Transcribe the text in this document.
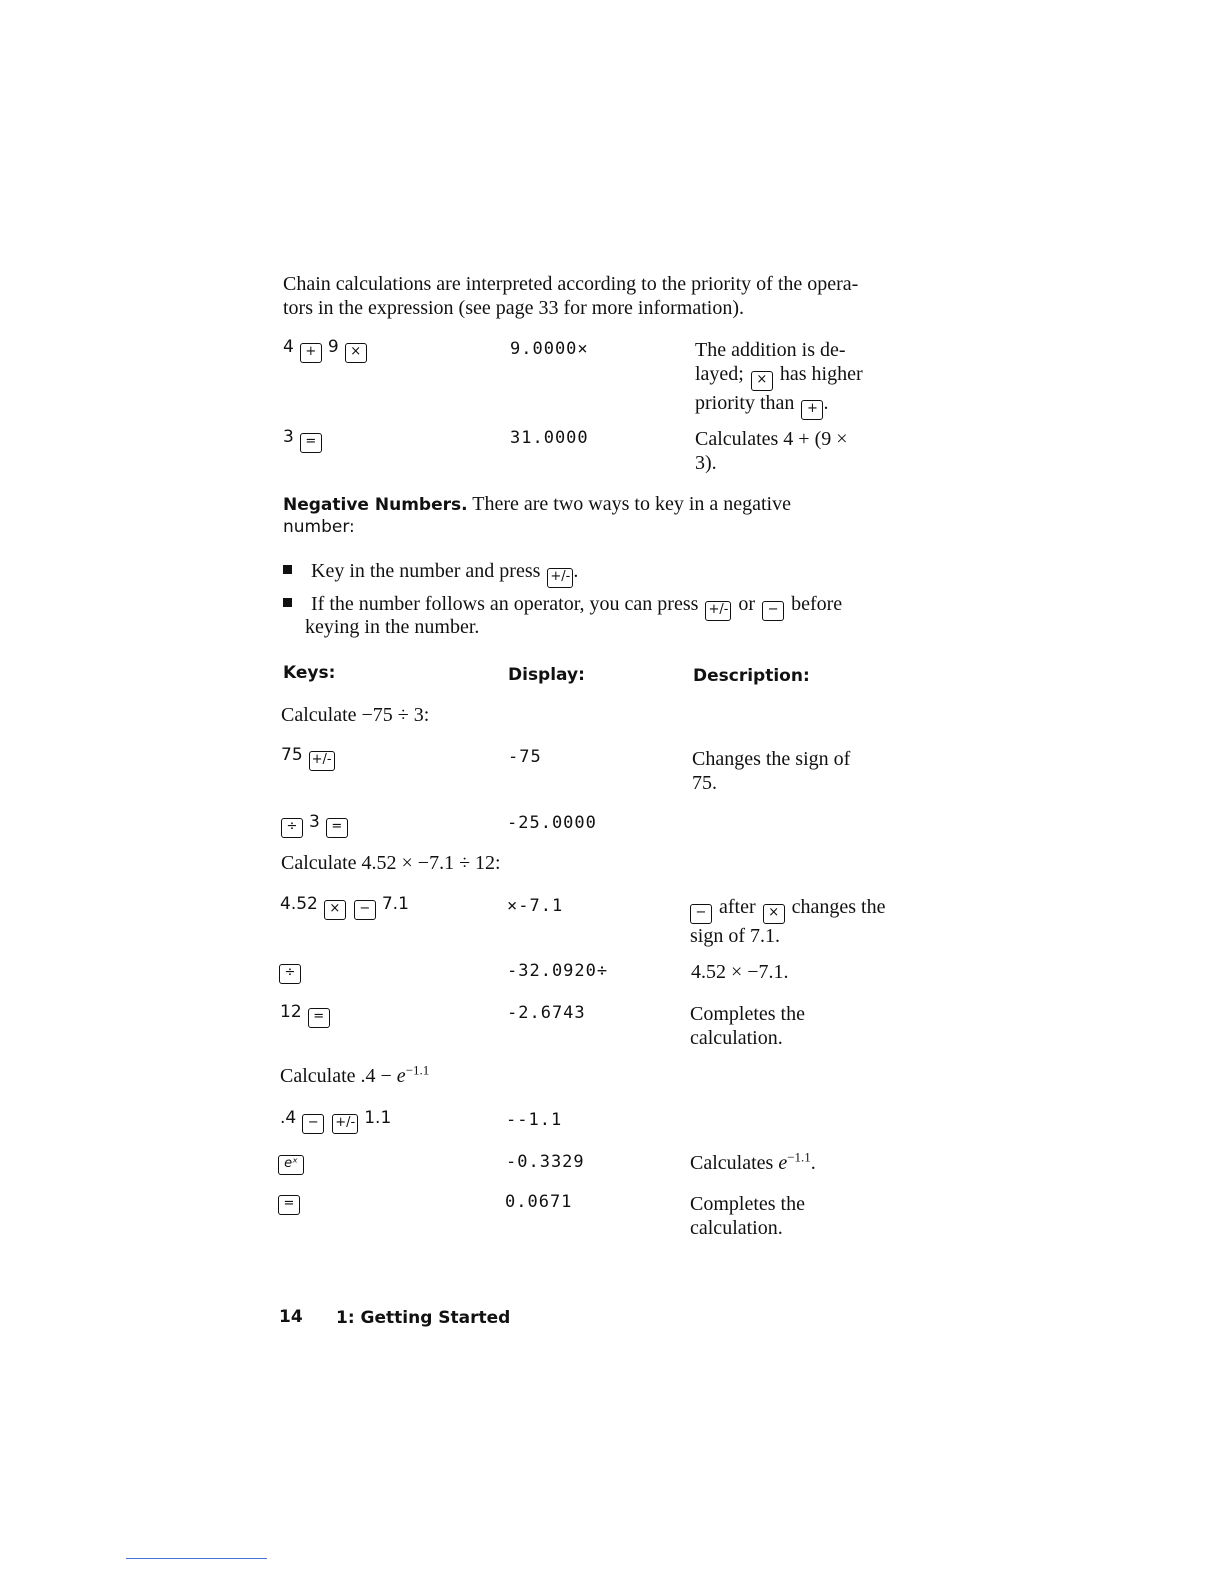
Chain calculations are interpreted according to the priority of the opera-
tors in the expression (see page 33 for more information).
4 + 9 ×	9.0000×	The addition is de-
layed; × has higher
priority than + .
3 =	31.0000	Calculates 4 + (9 ×
3).
Negative Numbers. There are two ways to key in a negative
number:
Key in the number and press +/- .
If the number follows an operator, you can press +/- or − before
keying in the number.
Keys:	Display:	Description:
Calculate −75 ÷ 3:
75 +/-	-75	Changes the sign of
75.
÷ 3 =	-25.0000
Calculate 4.52 × −7.1 ÷ 12:
4.52 × − 7.1	×-7.1	− after × changes the
sign of 7.1.
÷	-32.0920÷	4.52 × −7.1.
12 =	-2.6743	Completes the
calculation.
Calculate $.4 - e^{-1.1}$
.4 − +/- 1.1	--1.1
eˣ	-0.3329	Calculates $e^{-1.1}$.
=	0.0671	Completes the
calculation.
14 1: Getting Started
